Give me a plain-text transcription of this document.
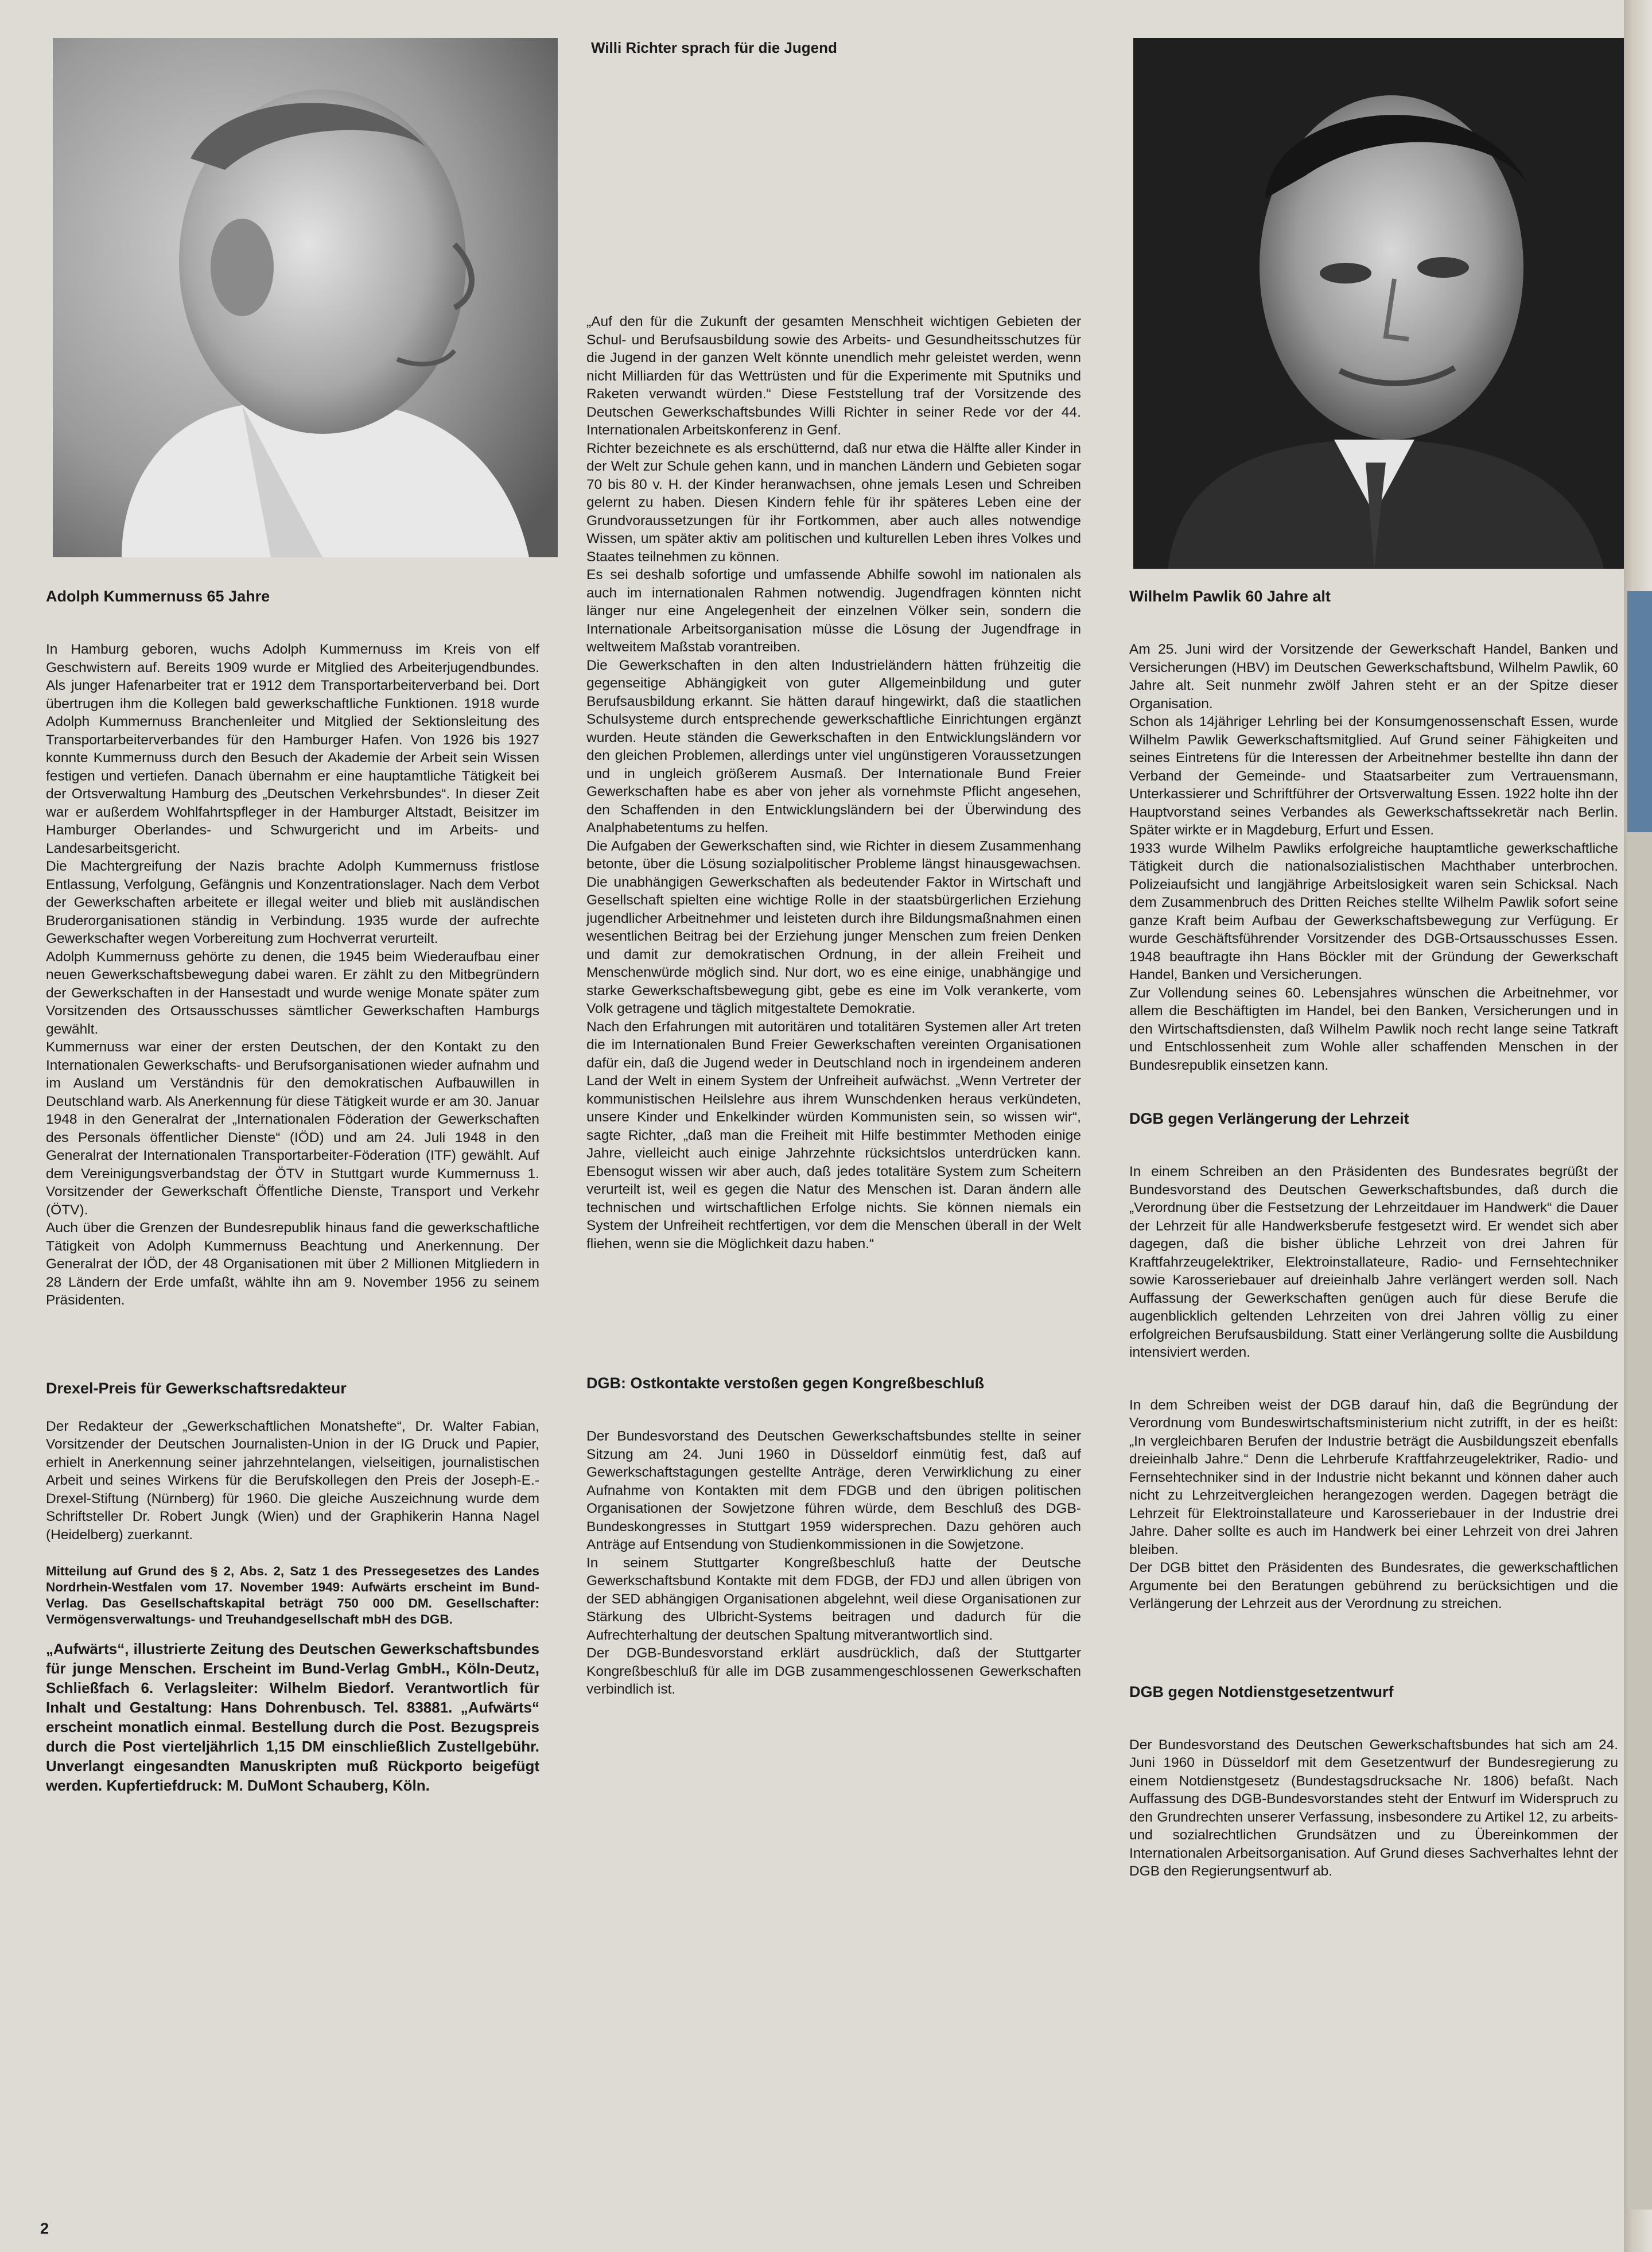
Willi Richter sprach für die Jugend
Adolph Kummernuss 65 Jahre

In Hamburg geboren, wuchs Adolph Kummernuss im Kreis von elf Geschwistern auf. Bereits 1909 wurde er Mitglied des Arbeiterjugendbundes. Als junger Hafenarbeiter trat er 1912 dem Transportarbeiterverband bei. Dort übertrugen ihm die Kollegen bald gewerkschaftliche Funktionen. 1918 wurde Adolph Kummernuss Branchenleiter und Mitglied der Sektionsleitung des Transportarbeiterverbandes für den Hamburger Hafen. Von 1926 bis 1927 konnte Kummernuss durch den Besuch der Akademie der Arbeit sein Wissen festigen und vertiefen. Danach übernahm er eine hauptamtliche Tätigkeit bei der Ortsverwaltung Hamburg des „Deutschen Verkehrsbundes“. In dieser Zeit war er außerdem Wohlfahrtspfleger in der Hamburger Altstadt, Beisitzer im Hamburger Oberlandes- und Schwurgericht und im Arbeits- und Landesarbeitsgericht.

Die Machtergreifung der Nazis brachte Adolph Kummernuss fristlose Entlassung, Verfolgung, Gefängnis und Konzentrationslager. Nach dem Verbot der Gewerkschaften arbeitete er illegal weiter und blieb mit ausländischen Bruderorganisationen ständig in Verbindung. 1935 wurde der aufrechte Gewerkschafter wegen Vorbereitung zum Hochverrat verurteilt.

Adolph Kummernuss gehörte zu denen, die 1945 beim Wiederaufbau einer neuen Gewerkschaftsbewegung dabei waren. Er zählt zu den Mitbegründern der Gewerkschaften in der Hansestadt und wurde wenige Monate später zum Vorsitzenden des Ortsausschusses sämtlicher Gewerkschaften Hamburgs gewählt.

Kummernuss war einer der ersten Deutschen, der den Kontakt zu den Internationalen Gewerkschafts- und Berufsorganisationen wieder aufnahm und im Ausland um Verständnis für den demokratischen Aufbauwillen in Deutschland warb. Als Anerkennung für diese Tätigkeit wurde er am 30. Januar 1948 in den Generalrat der „Internationalen Föderation der Gewerkschaften des Personals öffentlicher Dienste“ (IÖD) und am 24. Juli 1948 in den Generalrat der Internationalen Transportarbeiter-Föderation (ITF) gewählt. Auf dem Vereinigungsverbandstag der ÖTV in Stuttgart wurde Kummernuss 1. Vorsitzender der Gewerkschaft Öffentliche Dienste, Transport und Verkehr (ÖTV).

Auch über die Grenzen der Bundesrepublik hinaus fand die gewerkschaftliche Tätigkeit von Adolph Kummernuss Beachtung und Anerkennung. Der Generalrat der IÖD, der 48 Organisationen mit über 2 Millionen Mitgliedern in 28 Ländern der Erde umfaßt, wählte ihn am 9. November 1956 zu seinem Präsidenten.

Drexel-Preis für Gewerkschaftsredakteur

Der Redakteur der „Gewerkschaftlichen Monatshefte“, Dr. Walter Fabian, Vorsitzender der Deutschen Journalisten-Union in der IG Druck und Papier, erhielt in Anerkennung seiner jahrzehntelangen, vielseitigen, journalistischen Arbeit und seines Wirkens für die Berufskollegen den Preis der Joseph-E.-Drexel-Stiftung (Nürnberg) für 1960. Die gleiche Auszeichnung wurde dem Schriftsteller Dr. Robert Jungk (Wien) und der Graphikerin Hanna Nagel (Heidelberg) zuerkannt.

Mitteilung auf Grund des § 2, Abs. 2, Satz 1 des Pressegesetzes des Landes Nordrhein-Westfalen vom 17. November 1949: Aufwärts erscheint im Bund-Verlag. Das Gesellschaftskapital beträgt 750 000 DM. Gesellschafter: Vermögensverwaltungs- und Treuhandgesellschaft mbH des DGB.

„Aufwärts“, illustrierte Zeitung des Deutschen Gewerkschaftsbundes für junge Menschen. Erscheint im Bund-Verlag GmbH., Köln-Deutz, Schließfach 6. Verlagsleiter: Wilhelm Biedorf. Verantwortlich für Inhalt und Gestaltung: Hans Dohrenbusch. Tel. 83881. „Aufwärts“ erscheint monatlich einmal. Bestellung durch die Post. Bezugspreis durch die Post vierteljährlich 1,15 DM einschließlich Zustellgebühr. Unverlangt eingesandten Manuskripten muß Rückporto beigefügt werden. Kupfertiefdruck: M. DuMont Schauberg, Köln.

„Auf den für die Zukunft der gesamten Menschheit wichtigen Gebieten der Schul- und Berufsausbildung sowie des Arbeits- und Gesundheitsschutzes für die Jugend in der ganzen Welt könnte unendlich mehr geleistet werden, wenn nicht Milliarden für das Wettrüsten und für die Experimente mit Sputniks und Raketen verwandt würden.“ Diese Feststellung traf der Vorsitzende des Deutschen Gewerkschaftsbundes Willi Richter in seiner Rede vor der 44. Internationalen Arbeitskonferenz in Genf.

Richter bezeichnete es als erschütternd, daß nur etwa die Hälfte aller Kinder in der Welt zur Schule gehen kann, und in manchen Ländern und Gebieten sogar 70 bis 80 v. H. der Kinder heranwachsen, ohne jemals Lesen und Schreiben gelernt zu haben. Diesen Kindern fehle für ihr späteres Leben eine der Grundvoraussetzungen für ihr Fortkommen, aber auch alles notwendige Wissen, um später aktiv am politischen und kulturellen Leben ihres Volkes und Staates teilnehmen zu können.

Es sei deshalb sofortige und umfassende Abhilfe sowohl im nationalen als auch im internationalen Rahmen notwendig. Jugendfragen könnten nicht länger nur eine Angelegenheit der einzelnen Völker sein, sondern die Internationale Arbeitsorganisation müsse die Lösung der Jugendfrage in weltweitem Maßstab vorantreiben.

Die Gewerkschaften in den alten Industrieländern hätten frühzeitig die gegenseitige Abhängigkeit von guter Allgemeinbildung und guter Berufsausbildung erkannt. Sie hätten darauf hingewirkt, daß die staatlichen Schulsysteme durch entsprechende gewerkschaftliche Einrichtungen ergänzt wurden. Heute ständen die Gewerkschaften in den Entwicklungsländern vor den gleichen Problemen, allerdings unter viel ungünstigeren Voraussetzungen und in ungleich größerem Ausmaß. Der Internationale Bund Freier Gewerkschaften habe es aber von jeher als vornehmste Pflicht angesehen, den Schaffenden in den Entwicklungsländern bei der Überwindung des Analphabetentums zu helfen.

Die Aufgaben der Gewerkschaften sind, wie Richter in diesem Zusammenhang betonte, über die Lösung sozialpolitischer Probleme längst hinausgewachsen. Die unabhängigen Gewerkschaften als bedeutender Faktor in Wirtschaft und Gesellschaft spielten eine wichtige Rolle in der staatsbürgerlichen Erziehung jugendlicher Arbeitnehmer und leisteten durch ihre Bildungsmaßnahmen einen wesentlichen Beitrag bei der Erziehung junger Menschen zum freien Denken und damit zur demokratischen Ordnung, in der allein Freiheit und Menschenwürde möglich sind. Nur dort, wo es eine einige, unabhängige und starke Gewerkschaftsbewegung gibt, gebe es eine im Volk verankerte, vom Volk getragene und täglich mitgestaltete Demokratie.

Nach den Erfahrungen mit autoritären und totalitären Systemen aller Art treten die im Internationalen Bund Freier Gewerkschaften vereinten Organisationen dafür ein, daß die Jugend weder in Deutschland noch in irgendeinem anderen Land der Welt in einem System der Unfreiheit aufwächst. „Wenn Vertreter der kommunistischen Heilslehre aus ihrem Wunschdenken heraus verkündeten, unsere Kinder und Enkelkinder würden Kommunisten sein, so wissen wir“, sagte Richter, „daß man die Freiheit mit Hilfe bestimmter Methoden einige Jahre, vielleicht auch einige Jahrzehnte rücksichtslos unterdrücken kann. Ebensogut wissen wir aber auch, daß jedes totalitäre System zum Scheitern verurteilt ist, weil es gegen die Natur des Menschen ist. Daran ändern alle technischen und wirtschaftlichen Erfolge nichts. Sie können niemals ein System der Unfreiheit rechtfertigen, vor dem die Menschen überall in der Welt fliehen, wenn sie die Möglichkeit dazu haben.“

DGB: Ostkontakte verstoßen gegen Kongreßbeschluß

Der Bundesvorstand des Deutschen Gewerkschaftsbundes stellte in seiner Sitzung am 24. Juni 1960 in Düsseldorf einmütig fest, daß auf Gewerkschaftstagungen gestellte Anträge, deren Verwirklichung zu einer Aufnahme von Kontakten mit dem FDGB und den übrigen politischen Organisationen der Sowjetzone führen würde, dem Beschluß des DGB-Bundeskongresses in Stuttgart 1959 widersprechen. Dazu gehören auch Anträge auf Entsendung von Studienkommissionen in die Sowjetzone.

In seinem Stuttgarter Kongreßbeschluß hatte der Deutsche Gewerkschaftsbund Kontakte mit dem FDGB, der FDJ und allen übrigen von der SED abhängigen Organisationen abgelehnt, weil diese Organisationen zur Stärkung des Ulbricht-Systems beitragen und dadurch für die Aufrechterhaltung der deutschen Spaltung mitverantwortlich sind.

Der DGB-Bundesvorstand erklärt ausdrücklich, daß der Stuttgarter Kongreßbeschluß für alle im DGB zusammengeschlossenen Gewerkschaften verbindlich ist.

Wilhelm Pawlik 60 Jahre alt

Am 25. Juni wird der Vorsitzende der Gewerkschaft Handel, Banken und Versicherungen (HBV) im Deutschen Gewerkschaftsbund, Wilhelm Pawlik, 60 Jahre alt. Seit nunmehr zwölf Jahren steht er an der Spitze dieser Organisation.

Schon als 14jähriger Lehrling bei der Konsumgenossenschaft Essen, wurde Wilhelm Pawlik Gewerkschaftsmitglied. Auf Grund seiner Fähigkeiten und seines Eintretens für die Interessen der Arbeitnehmer bestellte ihn dann der Verband der Gemeinde- und Staatsarbeiter zum Vertrauensmann, Unterkassierer und Schriftführer der Ortsverwaltung Essen. 1922 holte ihn der Hauptvorstand seines Verbandes als Gewerkschaftssekretär nach Berlin. Später wirkte er in Magdeburg, Erfurt und Essen.

1933 wurde Wilhelm Pawliks erfolgreiche hauptamtliche gewerkschaftliche Tätigkeit durch die nationalsozialistischen Machthaber unterbrochen. Polizeiaufsicht und langjährige Arbeitslosigkeit waren sein Schicksal. Nach dem Zusammenbruch des Dritten Reiches stellte Wilhelm Pawlik sofort seine ganze Kraft beim Aufbau der Gewerkschaftsbewegung zur Verfügung. Er wurde Geschäftsführender Vorsitzender des DGB-Ortsausschusses Essen. 1948 beauftragte ihn Hans Böckler mit der Gründung der Gewerkschaft Handel, Banken und Versicherungen.

Zur Vollendung seines 60. Lebensjahres wünschen die Arbeitnehmer, vor allem die Beschäftigten im Handel, bei den Banken, Versicherungen und in den Wirtschaftsdiensten, daß Wilhelm Pawlik noch recht lange seine Tatkraft und Entschlossenheit zum Wohle aller schaffenden Menschen in der Bundesrepublik einsetzen kann.

DGB gegen Verlängerung der Lehrzeit

In einem Schreiben an den Präsidenten des Bundesrates begrüßt der Bundesvorstand des Deutschen Gewerkschaftsbundes, daß durch die „Verordnung über die Festsetzung der Lehrzeitdauer im Handwerk“ die Dauer der Lehrzeit für alle Handwerksberufe festgesetzt wird. Er wendet sich aber dagegen, daß die bisher übliche Lehrzeit von drei Jahren für Kraftfahrzeugelektriker, Elektroinstallateure, Radio- und Fernsehtechniker sowie Karosseriebauer auf dreieinhalb Jahre verlängert werden soll. Nach Auffassung der Gewerkschaften genügen auch für diese Berufe die augenblicklich geltenden Lehrzeiten von drei Jahren völlig zu einer erfolgreichen Berufsausbildung. Statt einer Verlängerung sollte die Ausbildung intensiviert werden.

In dem Schreiben weist der DGB darauf hin, daß die Begründung der Verordnung vom Bundeswirtschaftsministerium nicht zutrifft, in der es heißt: „In vergleichbaren Berufen der Industrie beträgt die Ausbildungszeit ebenfalls dreieinhalb Jahre.“ Denn die Lehrberufe Kraftfahrzeugelektriker, Radio- und Fernsehtechniker sind in der Industrie nicht bekannt und können daher auch nicht zu Lehrzeitvergleichen herangezogen werden. Dagegen beträgt die Lehrzeit für Elektroinstallateure und Karosseriebauer in der Industrie drei Jahre. Daher sollte es auch im Handwerk bei einer Lehrzeit von drei Jahren bleiben.

Der DGB bittet den Präsidenten des Bundesrates, die gewerkschaftlichen Argumente bei den Beratungen gebührend zu berücksichtigen und die Verlängerung der Lehrzeit aus der Verordnung zu streichen.

DGB gegen Notdienstgesetzentwurf

Der Bundesvorstand des Deutschen Gewerkschaftsbundes hat sich am 24. Juni 1960 in Düsseldorf mit dem Gesetzentwurf der Bundesregierung zu einem Notdienstgesetz (Bundestagsdrucksache Nr. 1806) befaßt. Nach Auffassung des DGB-Bundesvorstandes steht der Entwurf im Widerspruch zu den Grundrechten unserer Verfassung, insbesondere zu Artikel 12, zu arbeits- und sozialrechtlichen Grundsätzen und zu Übereinkommen der Internationalen Arbeitsorganisation. Auf Grund dieses Sachverhaltes lehnt der DGB den Regierungsentwurf ab.

2
